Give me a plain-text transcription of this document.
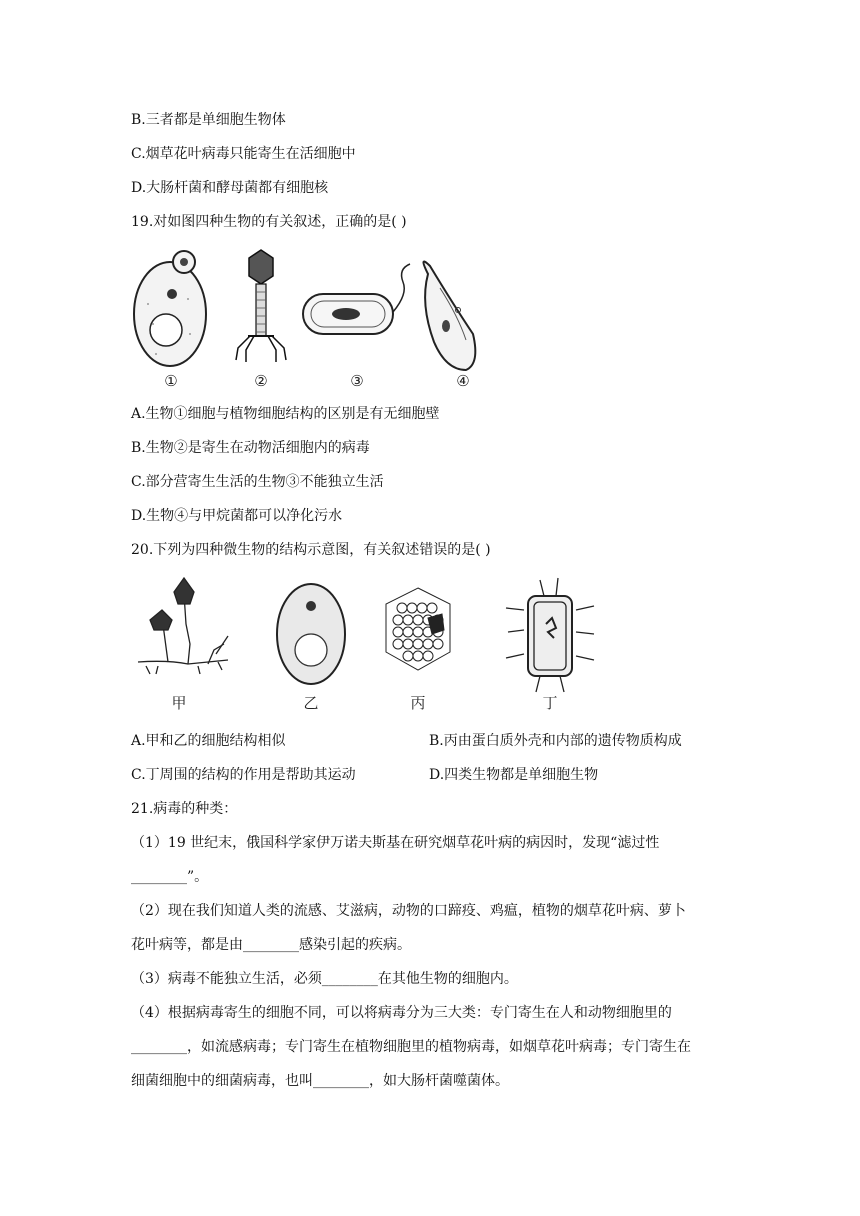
B.三者都是单细胞生物体
C.烟草花叶病毒只能寄生在活细胞中
D.大肠杆菌和酵母菌都有细胞核
19.对如图四种生物的有关叙述，正确的是( )
①	②	③	④
A.生物①细胞与植物细胞结构的区别是有无细胞壁
B.生物②是寄生在动物活细胞内的病毒
C.部分营寄生生活的生物③不能独立生活
D.生物④与甲烷菌都可以净化污水
20.下列为四种微生物的结构示意图，有关叙述错误的是( )
甲	乙	丙	丁
A.甲和乙的细胞结构相似	B.丙由蛋白质外壳和内部的遗传物质构成
C.丁周围的结构的作用是帮助其运动	D.四类生物都是单细胞生物
21.病毒的种类：
（1）19 世纪末，俄国科学家伊万诺夫斯基在研究烟草花叶病的病因时，发现“滤过性
________”。
（2）现在我们知道人类的流感、艾滋病，动物的口蹄疫、鸡瘟，植物的烟草花叶病、萝卜
花叶病等，都是由________感染引起的疾病。
（3）病毒不能独立生活，必须________在其他生物的细胞内。
（4）根据病毒寄生的细胞不同，可以将病毒分为三大类：专门寄生在人和动物细胞里的
________，如流感病毒；专门寄生在植物细胞里的植物病毒，如烟草花叶病毒；专门寄生在
细菌细胞中的细菌病毒，也叫________，如大肠杆菌噬菌体。
